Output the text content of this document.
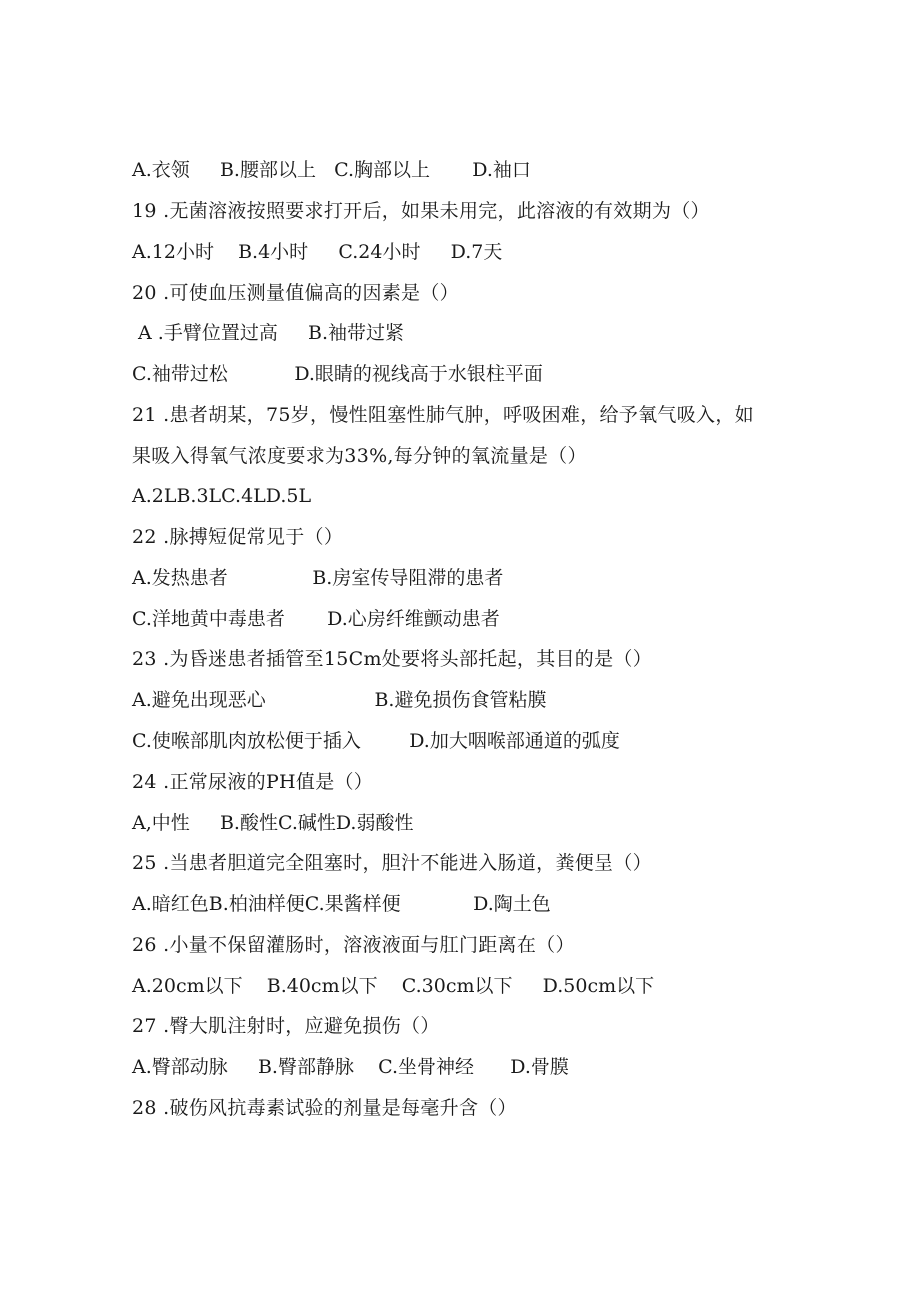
A.衣领     B.腰部以上   C.胸部以上       D.袖口
19 .无菌溶液按照要求打开后，如果未用完，此溶液的有效期为（）
A.12小时    B.4小时     C.24小时     D.7天
20 .可使血压测量值偏高的因素是（）
A .手臂位置过高     B.袖带过紧
C.袖带过松           D.眼睛的视线高于水银柱平面
21 .患者胡某，75岁，慢性阻塞性肺气肿，呼吸困难，给予氧气吸入，如
果吸入得氧气浓度要求为33%,每分钟的氧流量是（）
A.2LB.3LC.4LD.5L
22 .脉搏短促常见于（）
A.发热患者              B.房室传导阻滞的患者
C.洋地黄中毒患者       D.心房纤维颤动患者
23 .为昏迷患者插管至15Cm处要将头部托起，其目的是（）
A.避免出现恶心                  B.避免损伤食管粘膜
C.使喉部肌肉放松便于插入        D.加大咽喉部通道的弧度
24 .正常尿液的PH值是（）
A,中性     B.酸性C.碱性D.弱酸性
25 .当患者胆道完全阻塞时，胆汁不能进入肠道，粪便呈（）
A.暗红色B.柏油样便C.果酱样便            D.陶土色
26 .小量不保留灌肠时，溶液液面与肛门距离在（）
A.20cm以下    B.40cm以下    C.30cm以下     D.50cm以下
27 .臀大肌注射时，应避免损伤（）
A.臀部动脉     B.臀部静脉    C.坐骨神经      D.骨膜
28 .破伤风抗毒素试验的剂量是每毫升含（）
